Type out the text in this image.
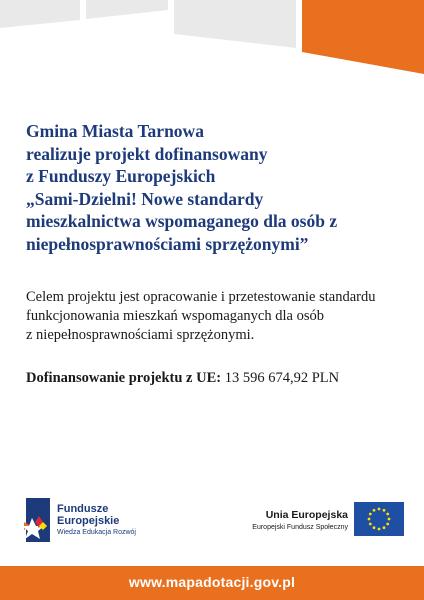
Gmina Miasta Tarnowa
realizuje projekt dofinansowany
z Funduszy Europejskich
„Sami-Dzielni! Nowe standardy
mieszkalnictwa wspomaganego dla osób z
niepełnosprawnościami sprzężonymi”
Celem projektu jest opracowanie i przetestowanie standardu
funkcjonowania mieszkań wspomaganych dla osób
z niepełnosprawnościami sprzężonymi.
Dofinansowanie projektu z UE: 13 596 674,92 PLN
Fundusze
Europejskie
Wiedza Edukacja Rozwój
Unia Europejska
Europejski Fundusz Społeczny
www.mapadotacji.gov.pl
